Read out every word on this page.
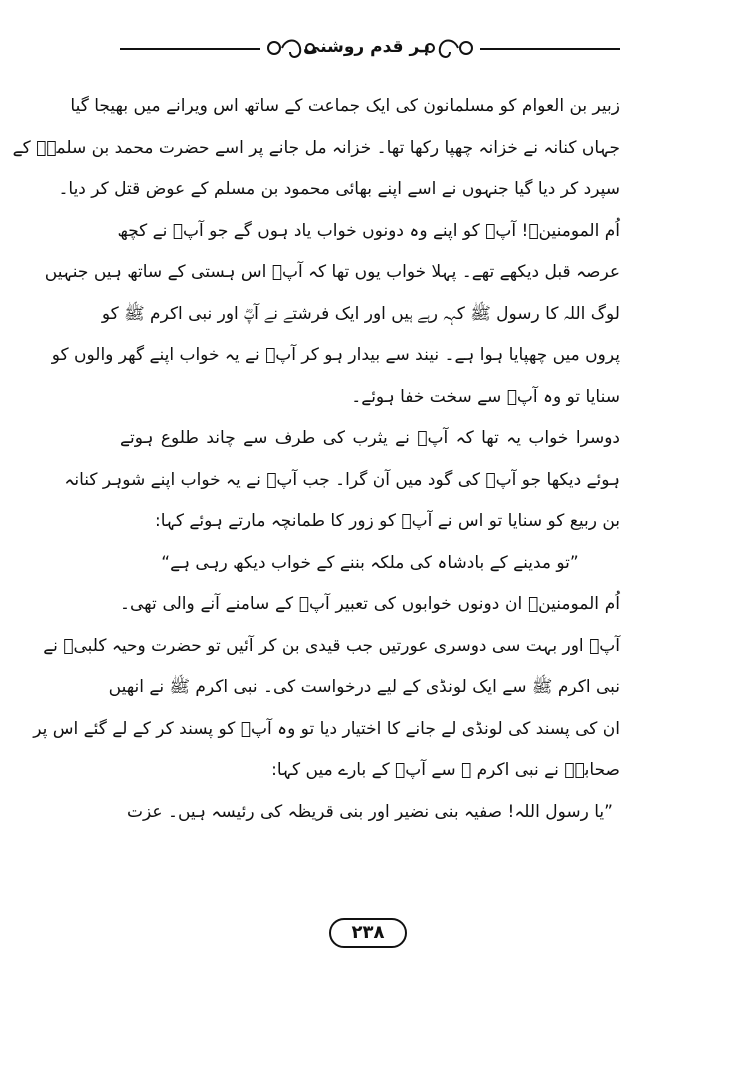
ہر قدم روشنی
زبیر بن العوام کو مسلمانون کی ایک جماعت کے ساتھ اس ویرانے میں بھیجا گیا
جہاں کنانہ نے خزانہ چھپا رکھا تھا۔ خزانہ مل جانے پر اسے حضرت محمد بن سلمہؓ کے
سپرد کر دیا گیا جنہوں نے اسے اپنے بھائی محمود بن مسلم کے عوض قتل کر دیا۔
اُم المومنینؓ! آپؓ کو اپنے وہ دونوں خواب یاد ہوں گے جو آپؓ نے کچھ
عرصہ قبل دیکھے تھے۔ پہلا خواب یوں تھا کہ آپؓ اس ہستی کے ساتھ ہیں جنہیں
لوگ اللہ کا رسول ﷺ کہہ رہے ہیں اور ایک فرشتے نے آپؓ اور نبی اکرم ﷺ کو
پروں میں چھپایا ہوا ہے۔ نیند سے بیدار ہو کر آپؓ نے یہ خواب اپنے گھر والوں کو
سنایا تو وہ آپؓ سے سخت خفا ہوئے۔
دوسرا خواب یہ تھا کہ آپؓ نے یثرب کی طرف سے چاند طلوع ہوتے
ہوئے دیکھا جو آپؓ کی گود میں آن گرا۔ جب آپؓ نے یہ خواب اپنے شوہر کنانہ
بن ربیع کو سنایا تو اس نے آپؓ کو زور کا طمانچہ مارتے ہوئے کہا:
”تو مدینے کے بادشاہ کی ملکہ بننے کے خواب دیکھ رہی ہے“
اُم المومنینؓ ان دونوں خوابوں کی تعبیر آپؓ کے سامنے آنے والی تھی۔
آپؓ اور بہت سی دوسری عورتیں جب قیدی بن کر آئیں تو حضرت وحیہ کلبیؓ نے
نبی اکرم ﷺ سے ایک لونڈی کے لیے درخواست کی۔ نبی اکرم ﷺ نے انھیں
ان کی پسند کی لونڈی لے جانے کا اختیار دیا تو وہ آپؓ کو پسند کر کے لے گئے اس پر
صحابہؓ نے نبی اکرم ﷺ سے آپؓ کے بارے میں کہا:
”یا رسول اللہ! صفیہ بنی نضیر اور بنی قریظہ کی رئیسہ ہیں۔ عزت
۲۳۸
